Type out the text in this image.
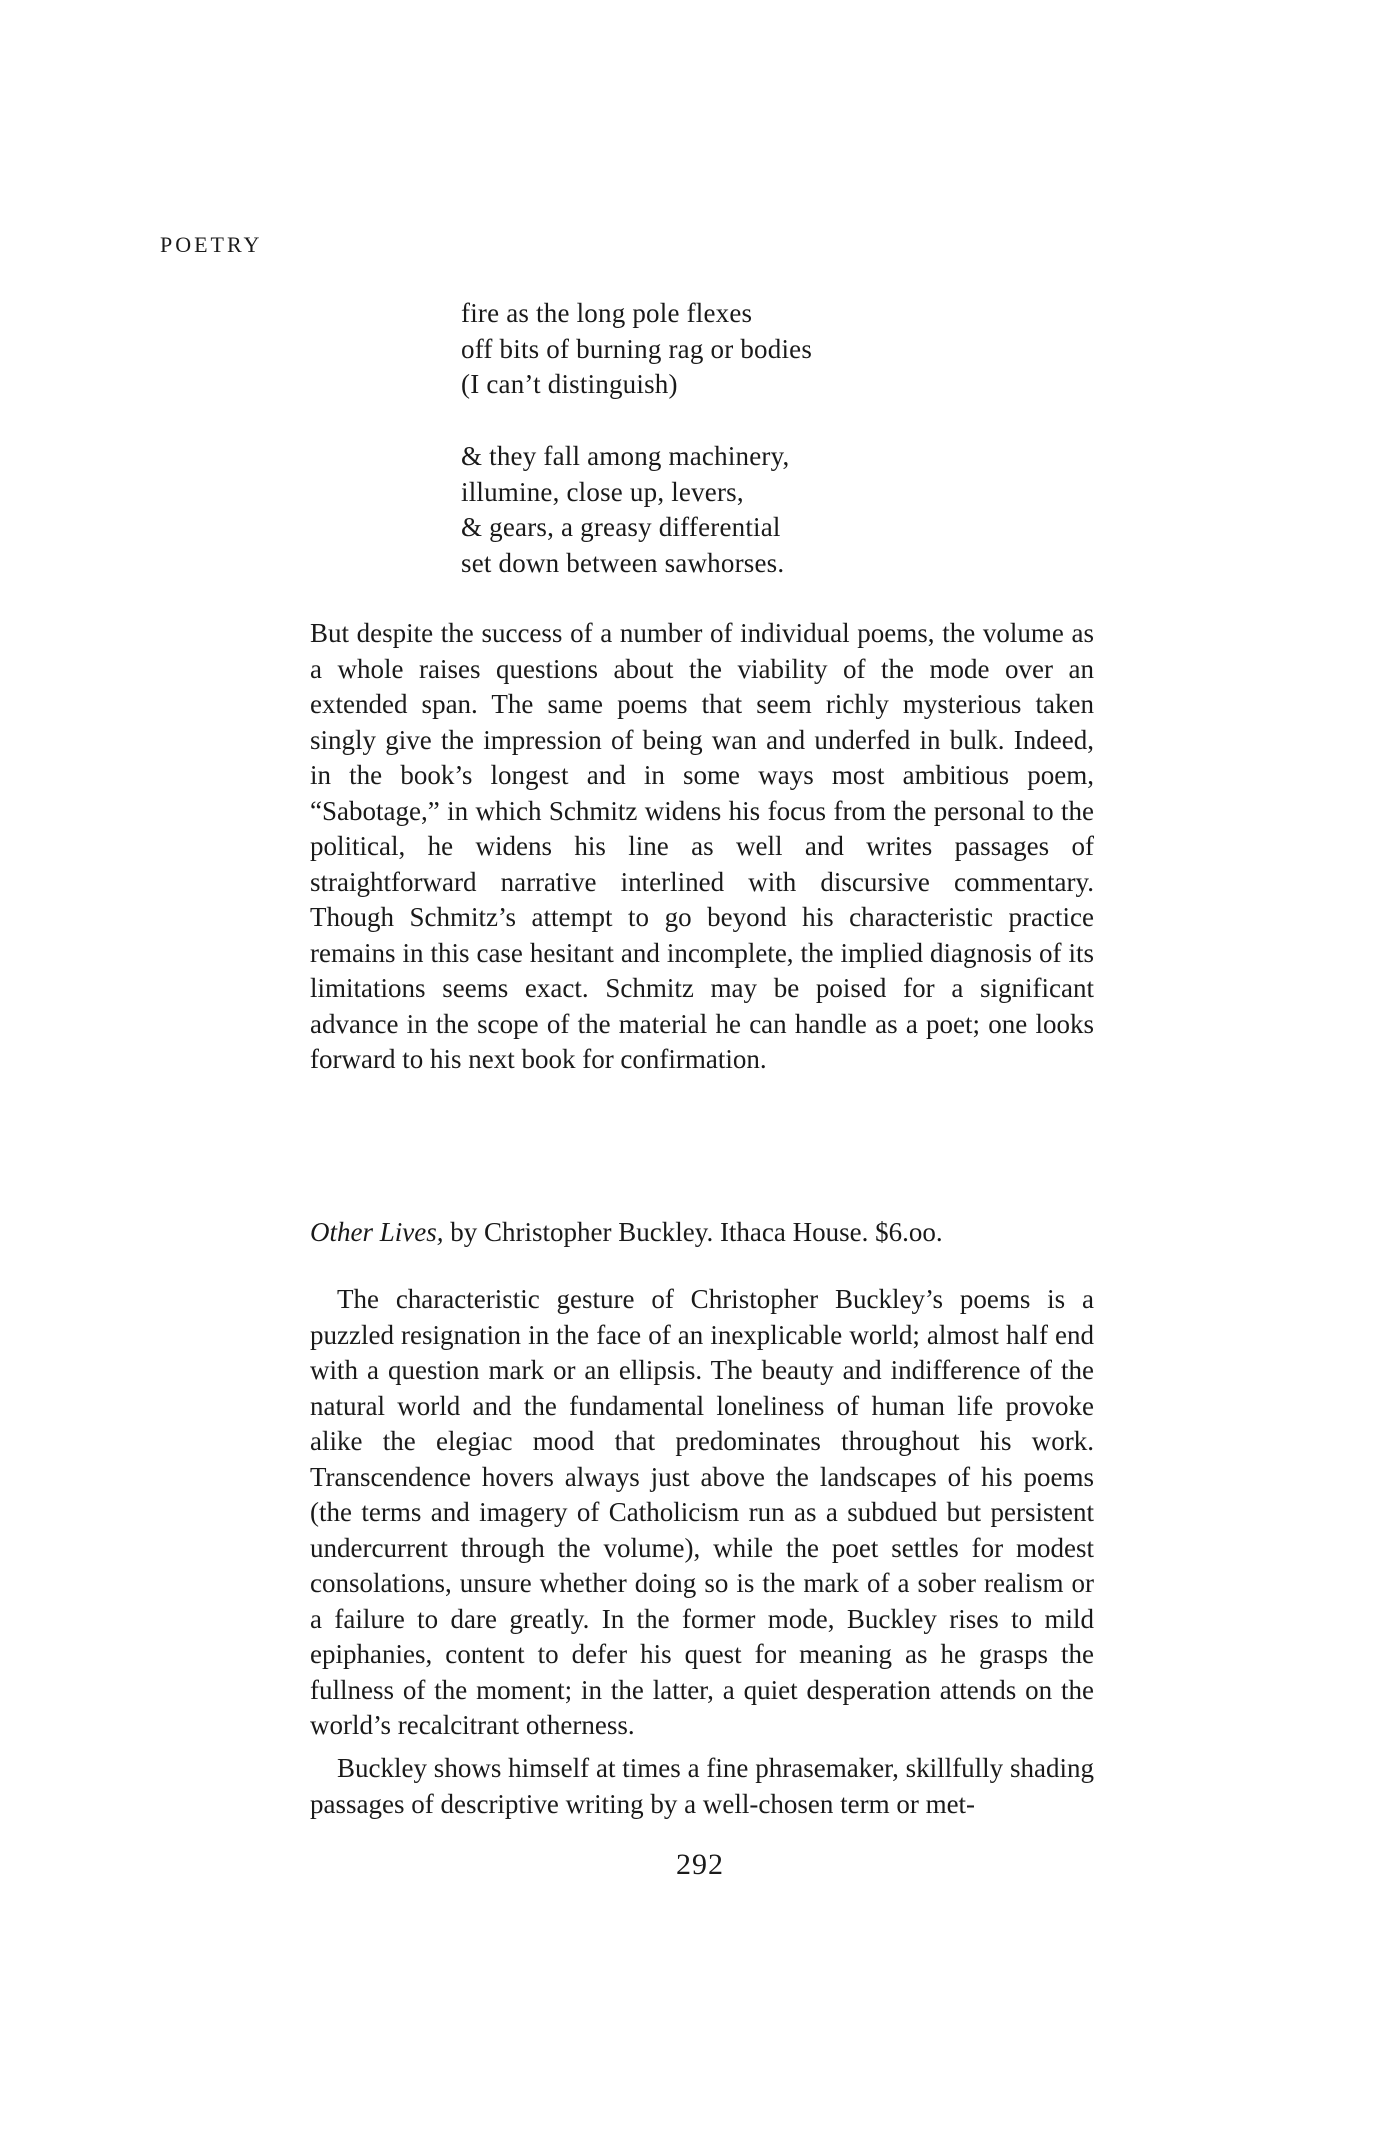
POETRY
fire as the long pole flexes
off bits of burning rag or bodies
(I can’t distinguish)
& they fall among machinery,
illumine, close up, levers,
& gears, a greasy differential
set down between sawhorses.

But despite the success of a number of individual poems, the volume as a whole raises questions about the viability of the mode over an extended span. The same poems that seem richly mysterious taken singly give the impression of being wan and underfed in bulk. Indeed, in the book’s longest and in some ways most ambitious poem, “Sabotage,” in which Schmitz widens his focus from the personal to the political, he widens his line as well and writes passages of straightforward narrative interlined with discursive commentary. Though Schmitz’s attempt to go beyond his characteristic practice remains in this case hesitant and incomplete, the implied diagnosis of its limitations seems exact. Schmitz may be poised for a significant advance in the scope of the material he can handle as a poet; one looks forward to his next book for confirmation.

Other Lives, by Christopher Buckley. Ithaca House. $6.oo.

The characteristic gesture of Christopher Buckley’s poems is a puzzled resignation in the face of an inexplicable world; almost half end with a question mark or an ellipsis. The beauty and indifference of the natural world and the fundamental loneliness of human life provoke alike the elegiac mood that predominates throughout his work. Transcendence hovers always just above the landscapes of his poems (the terms and imagery of Catholicism run as a subdued but persistent undercurrent through the volume), while the poet settles for modest consolations, unsure whether doing so is the mark of a sober realism or a failure to dare greatly. In the former mode, Buckley rises to mild epiphanies, content to defer his quest for meaning as he grasps the fullness of the moment; in the latter, a quiet desperation attends on the world’s recalcitrant otherness.

Buckley shows himself at times a fine phrasemaker, skillfully shading passages of descriptive writing by a well-chosen term or met-

292
